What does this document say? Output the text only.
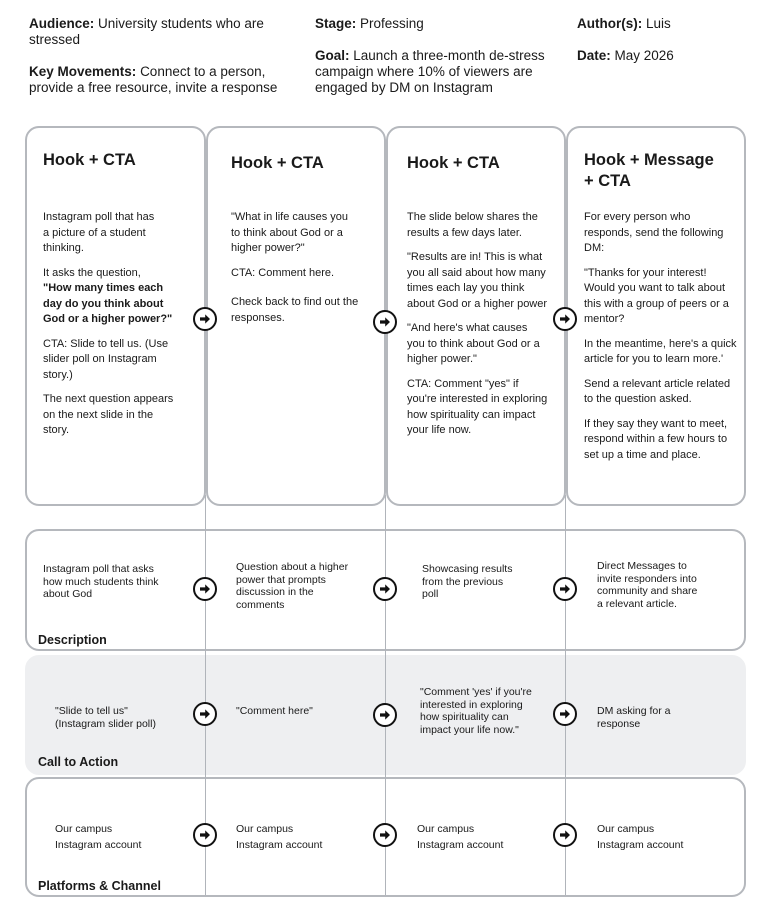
Audience: University students who are stressed
Key Movements: Connect to a person, provide a free resource, invite a response
Stage: Professing
Goal: Launch a three-month de-stress campaign where 10% of viewers are engaged by DM on Instagram
Author(s): Luis
Date: May 2026
Description
Call to Action
Platforms & Channel
Hook + CTA

Instagram poll that has
a picture of a student
thinking.

It asks the question,

"How many times each
day do you think about
God or a higher power?"

CTA: Slide to tell us. (Use
slider poll on Instagram
story.)

The next question appears
on the next slide in the
story.

Hook + CTA

"What in life causes you
to think about God or a
higher power?"

CTA: Comment here.

Check back to find out the
responses.

Hook + CTA

The slide below shares the
results a few days later.

"Results are in! This is what
you all said about how many
times each lay you think
about God or a higher power

"And here's what causes
you to think about God or a
higher power."

CTA: Comment "yes" if
you're interested in exploring
how spirituality can impact
your life now.

Hook + Message
+ CTA

For every person who
responds, send the following
DM:

"Thanks for your interest!
Would you want to talk about
this with a group of peers or a
mentor?

In the meantime, here's a quick
article for you to learn more.'

Send a relevant article related
to the question asked.

If they say they want to meet,
respond within a few hours to
set up a time and place.

Instagram poll that asks
how much students think
about God
Question about a higher
power that prompts
discussion in the
comments
Showcasing results
from the previous
poll
Direct Messages to
invite responders into
community and share
a relevant article.
"Slide to tell us"
(Instagram slider poll)
"Comment here"
"Comment 'yes' if you're
interested in exploring
how spirituality can
impact your life now."
DM asking for a
response
Our campus
Instagram account
Our campus
Instagram account
Our campus
Instagram account
Our campus
Instagram account
